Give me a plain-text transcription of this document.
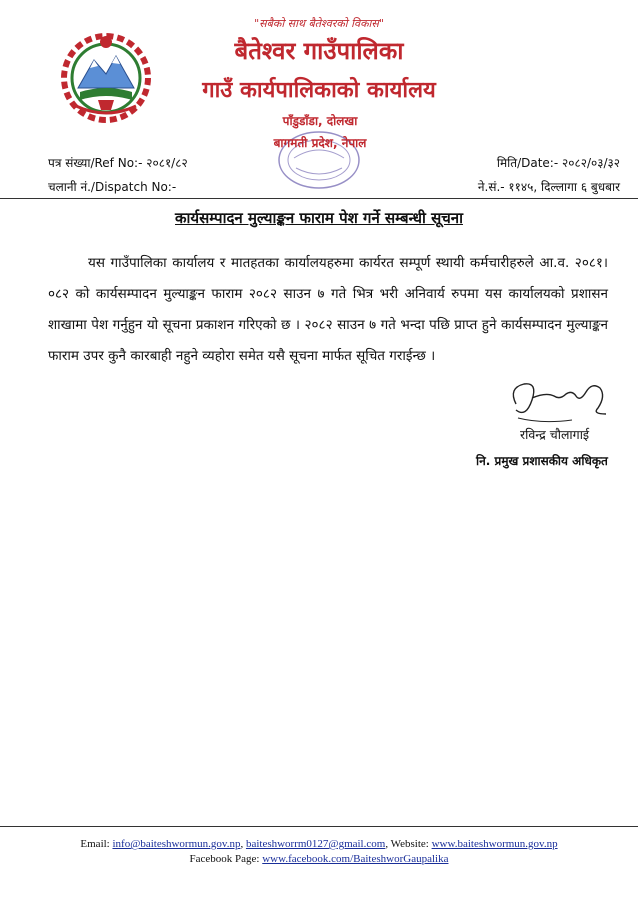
"सबैको साथ बैतेश्वरको विकास"
बैतेश्वर गाउँपालिका
गाउँ कार्यपालिकाको कार्यालय
पाँडुडाँडा, दोलखा
बागमती प्रदेश, नेपाल
पत्र संख्या/Ref No:- २०८१/८२
चलानी नं./Dispatch No:-
मिति/Date:- २०८२/०३/३२
ने.सं.- ११४५, दिल्लागा ६ बुधबार
कार्यसम्पादन मुल्याङ्कन फाराम पेश गर्ने सम्बन्धी सूचना
यस गाउँपालिका कार्यालय र मातहतका कार्यालयहरुमा कार्यरत सम्पूर्ण स्थायी कर्मचारीहरुले आ.व. २०८१।०८२ को कार्यसम्पादन मुल्याङ्कन फाराम २०८२ साउन ७ गते भित्र भरी अनिवार्य रुपमा यस कार्यालयको प्रशासन शाखामा पेश गर्नुहुन यो सूचना प्रकाशन गरिएको छ । २०८२ साउन ७ गते भन्दा पछि प्राप्त हुने कार्यसम्पादन मुल्याङ्कन फाराम उपर कुनै कारबाही नहुने व्यहोरा समेत यसै सूचना मार्फत सूचित गराईन्छ ।
रविन्द्र चौलागाई
नि. प्रमुख प्रशासकीय अधिकृत
Email: info@baiteshwormun.gov.np, baiteshworrm0127@gmail.com, Website: www.baiteshwormun.gov.np
Facebook Page: www.facebook.com/BaiteshworGaupalika
